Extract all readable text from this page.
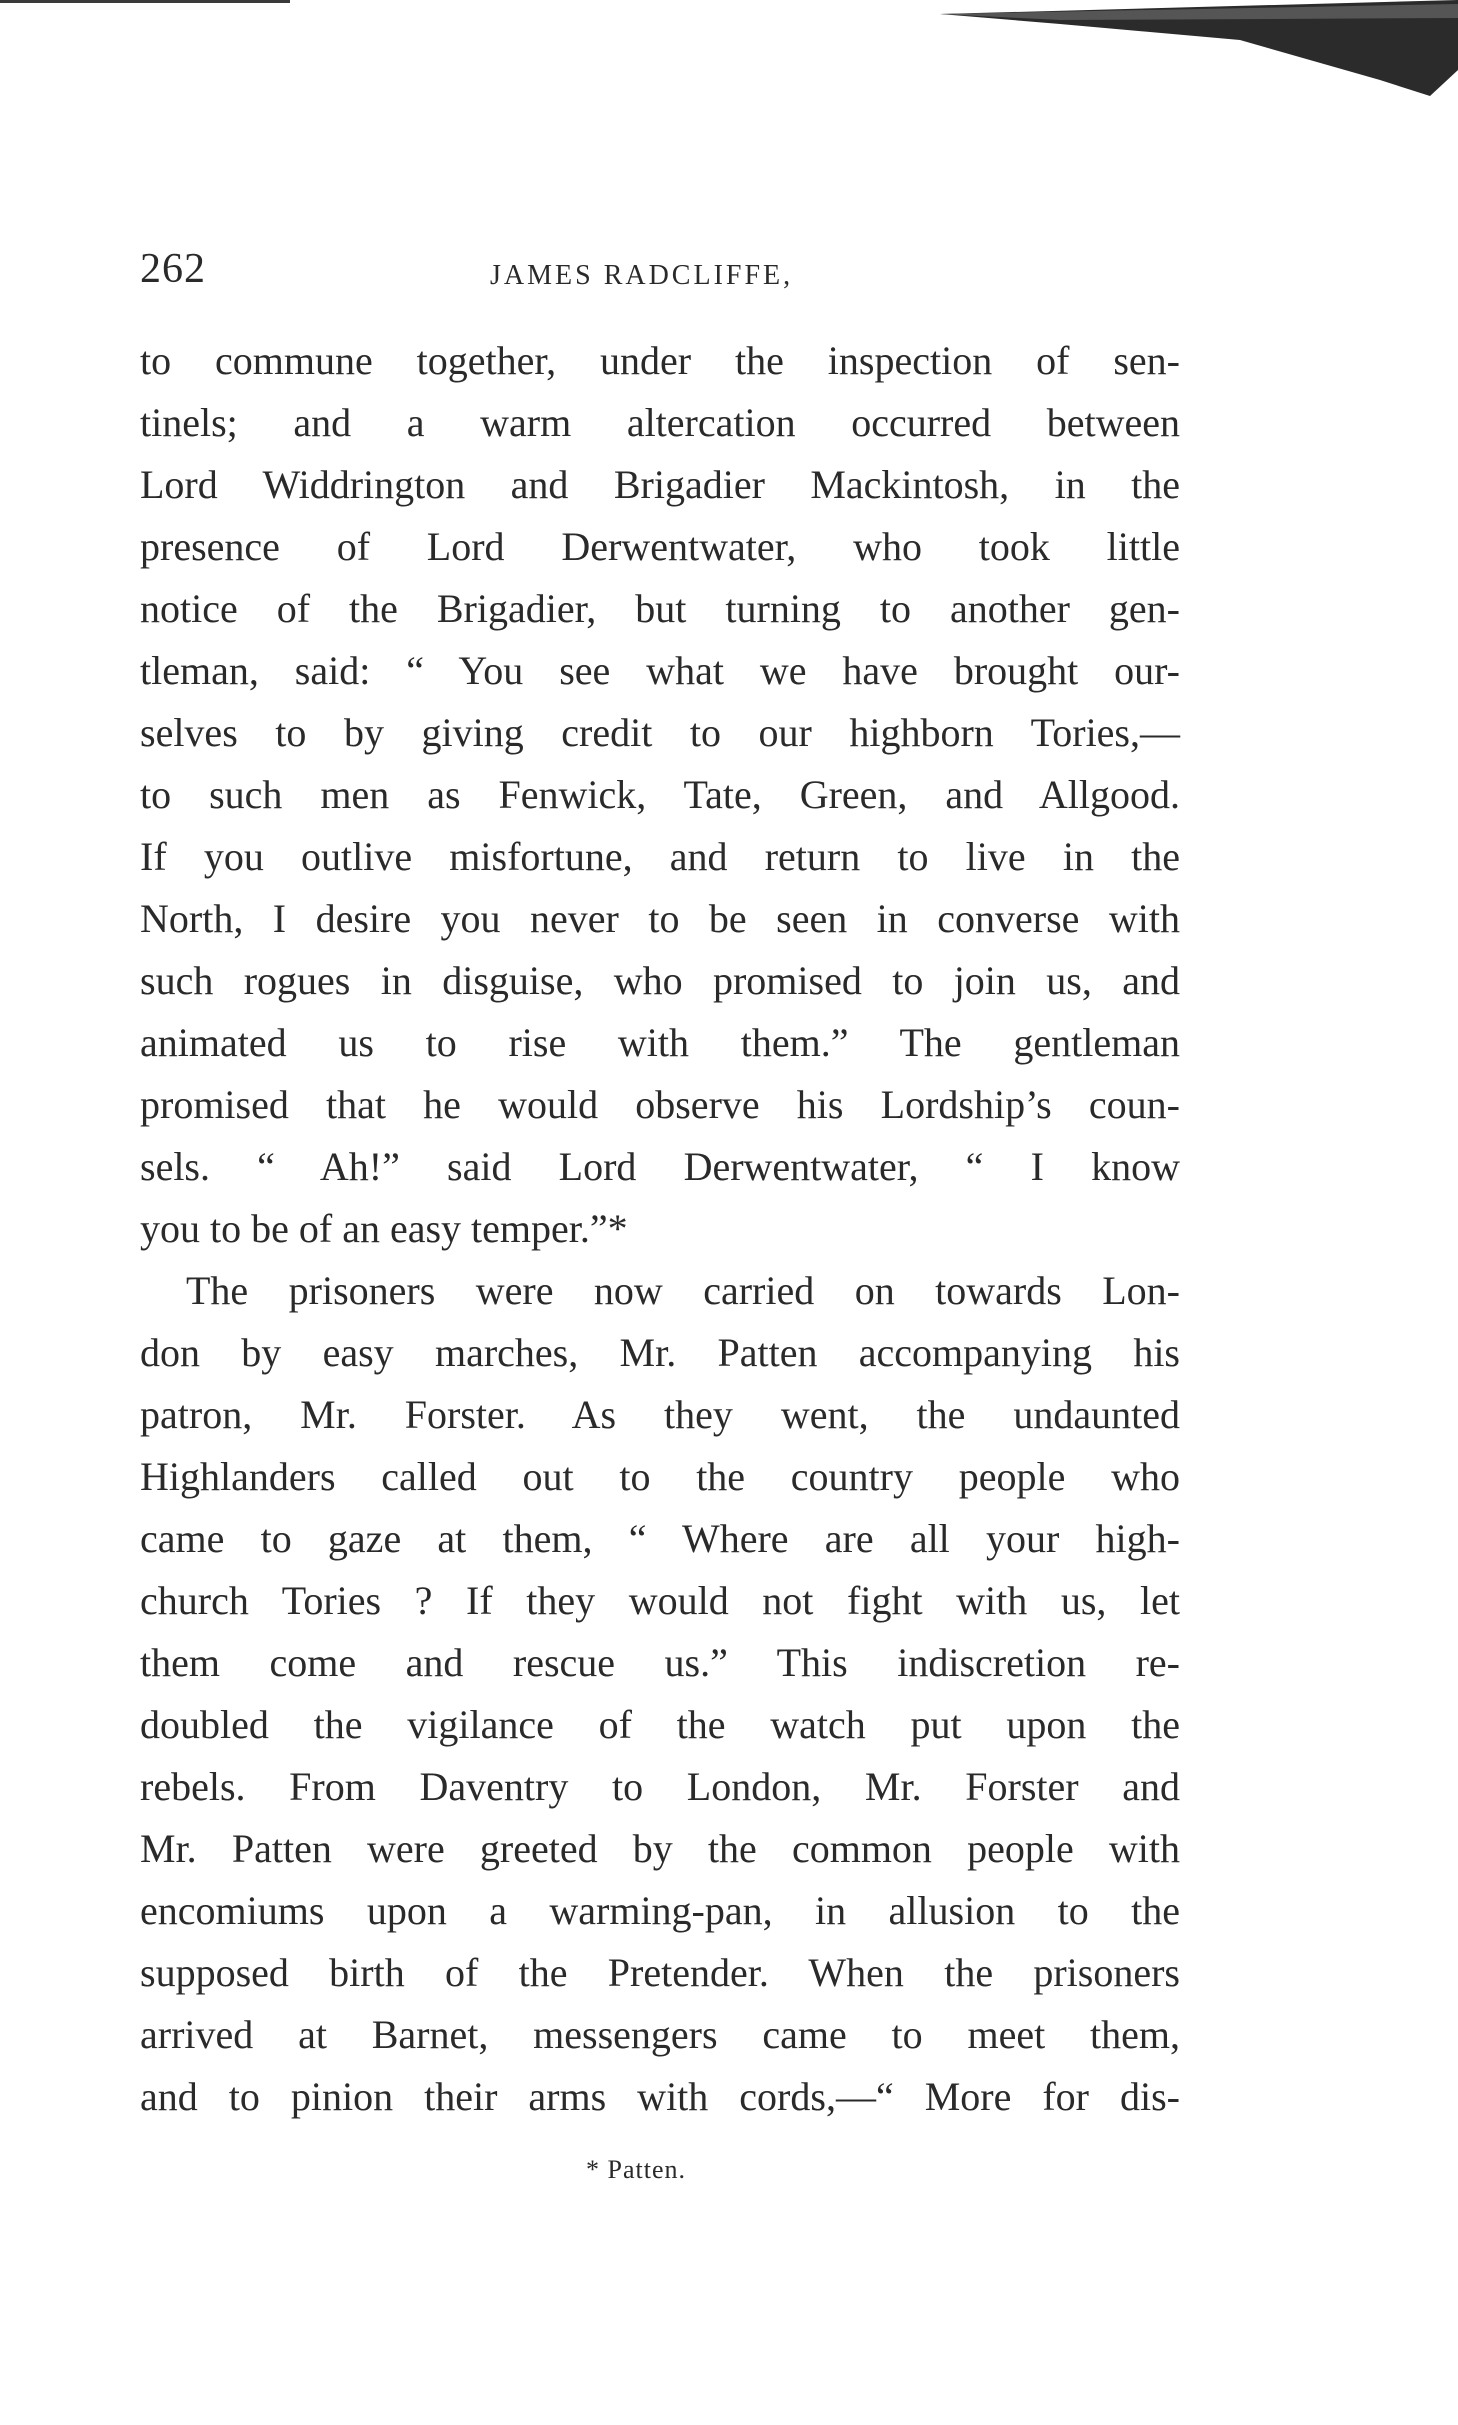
262	JAMES RADCLIFFE,
to commune together, under the inspection of sen-
tinels; and a warm altercation occurred between
Lord Widdrington and Brigadier Mackintosh, in the
presence of Lord Derwentwater, who took little
notice of the Brigadier, but turning to another gen-
tleman, said: “ You see what we have brought our-
selves to by giving credit to our highborn Tories,—
to such men as Fenwick, Tate, Green, and Allgood.
If you outlive misfortune, and return to live in the
North, I desire you never to be seen in converse with
such rogues in disguise, who promised to join us, and
animated us to rise with them.” The gentleman
promised that he would observe his Lordship’s coun-
sels. “ Ah!” said Lord Derwentwater, “ I know
you to be of an easy temper.”*
The prisoners were now carried on towards Lon-
don by easy marches, Mr. Patten accompanying his
patron, Mr. Forster. As they went, the undaunted
Highlanders called out to the country people who
came to gaze at them, “ Where are all your high-
church Tories ? If they would not fight with us, let
them come and rescue us.” This indiscretion re-
doubled the vigilance of the watch put upon the
rebels. From Daventry to London, Mr. Forster and
Mr. Patten were greeted by the common people with
encomiums upon a warming-pan, in allusion to the
supposed birth of the Pretender. When the prisoners
arrived at Barnet, messengers came to meet them,
and to pinion their arms with cords,—“ More for dis-
* Patten.
